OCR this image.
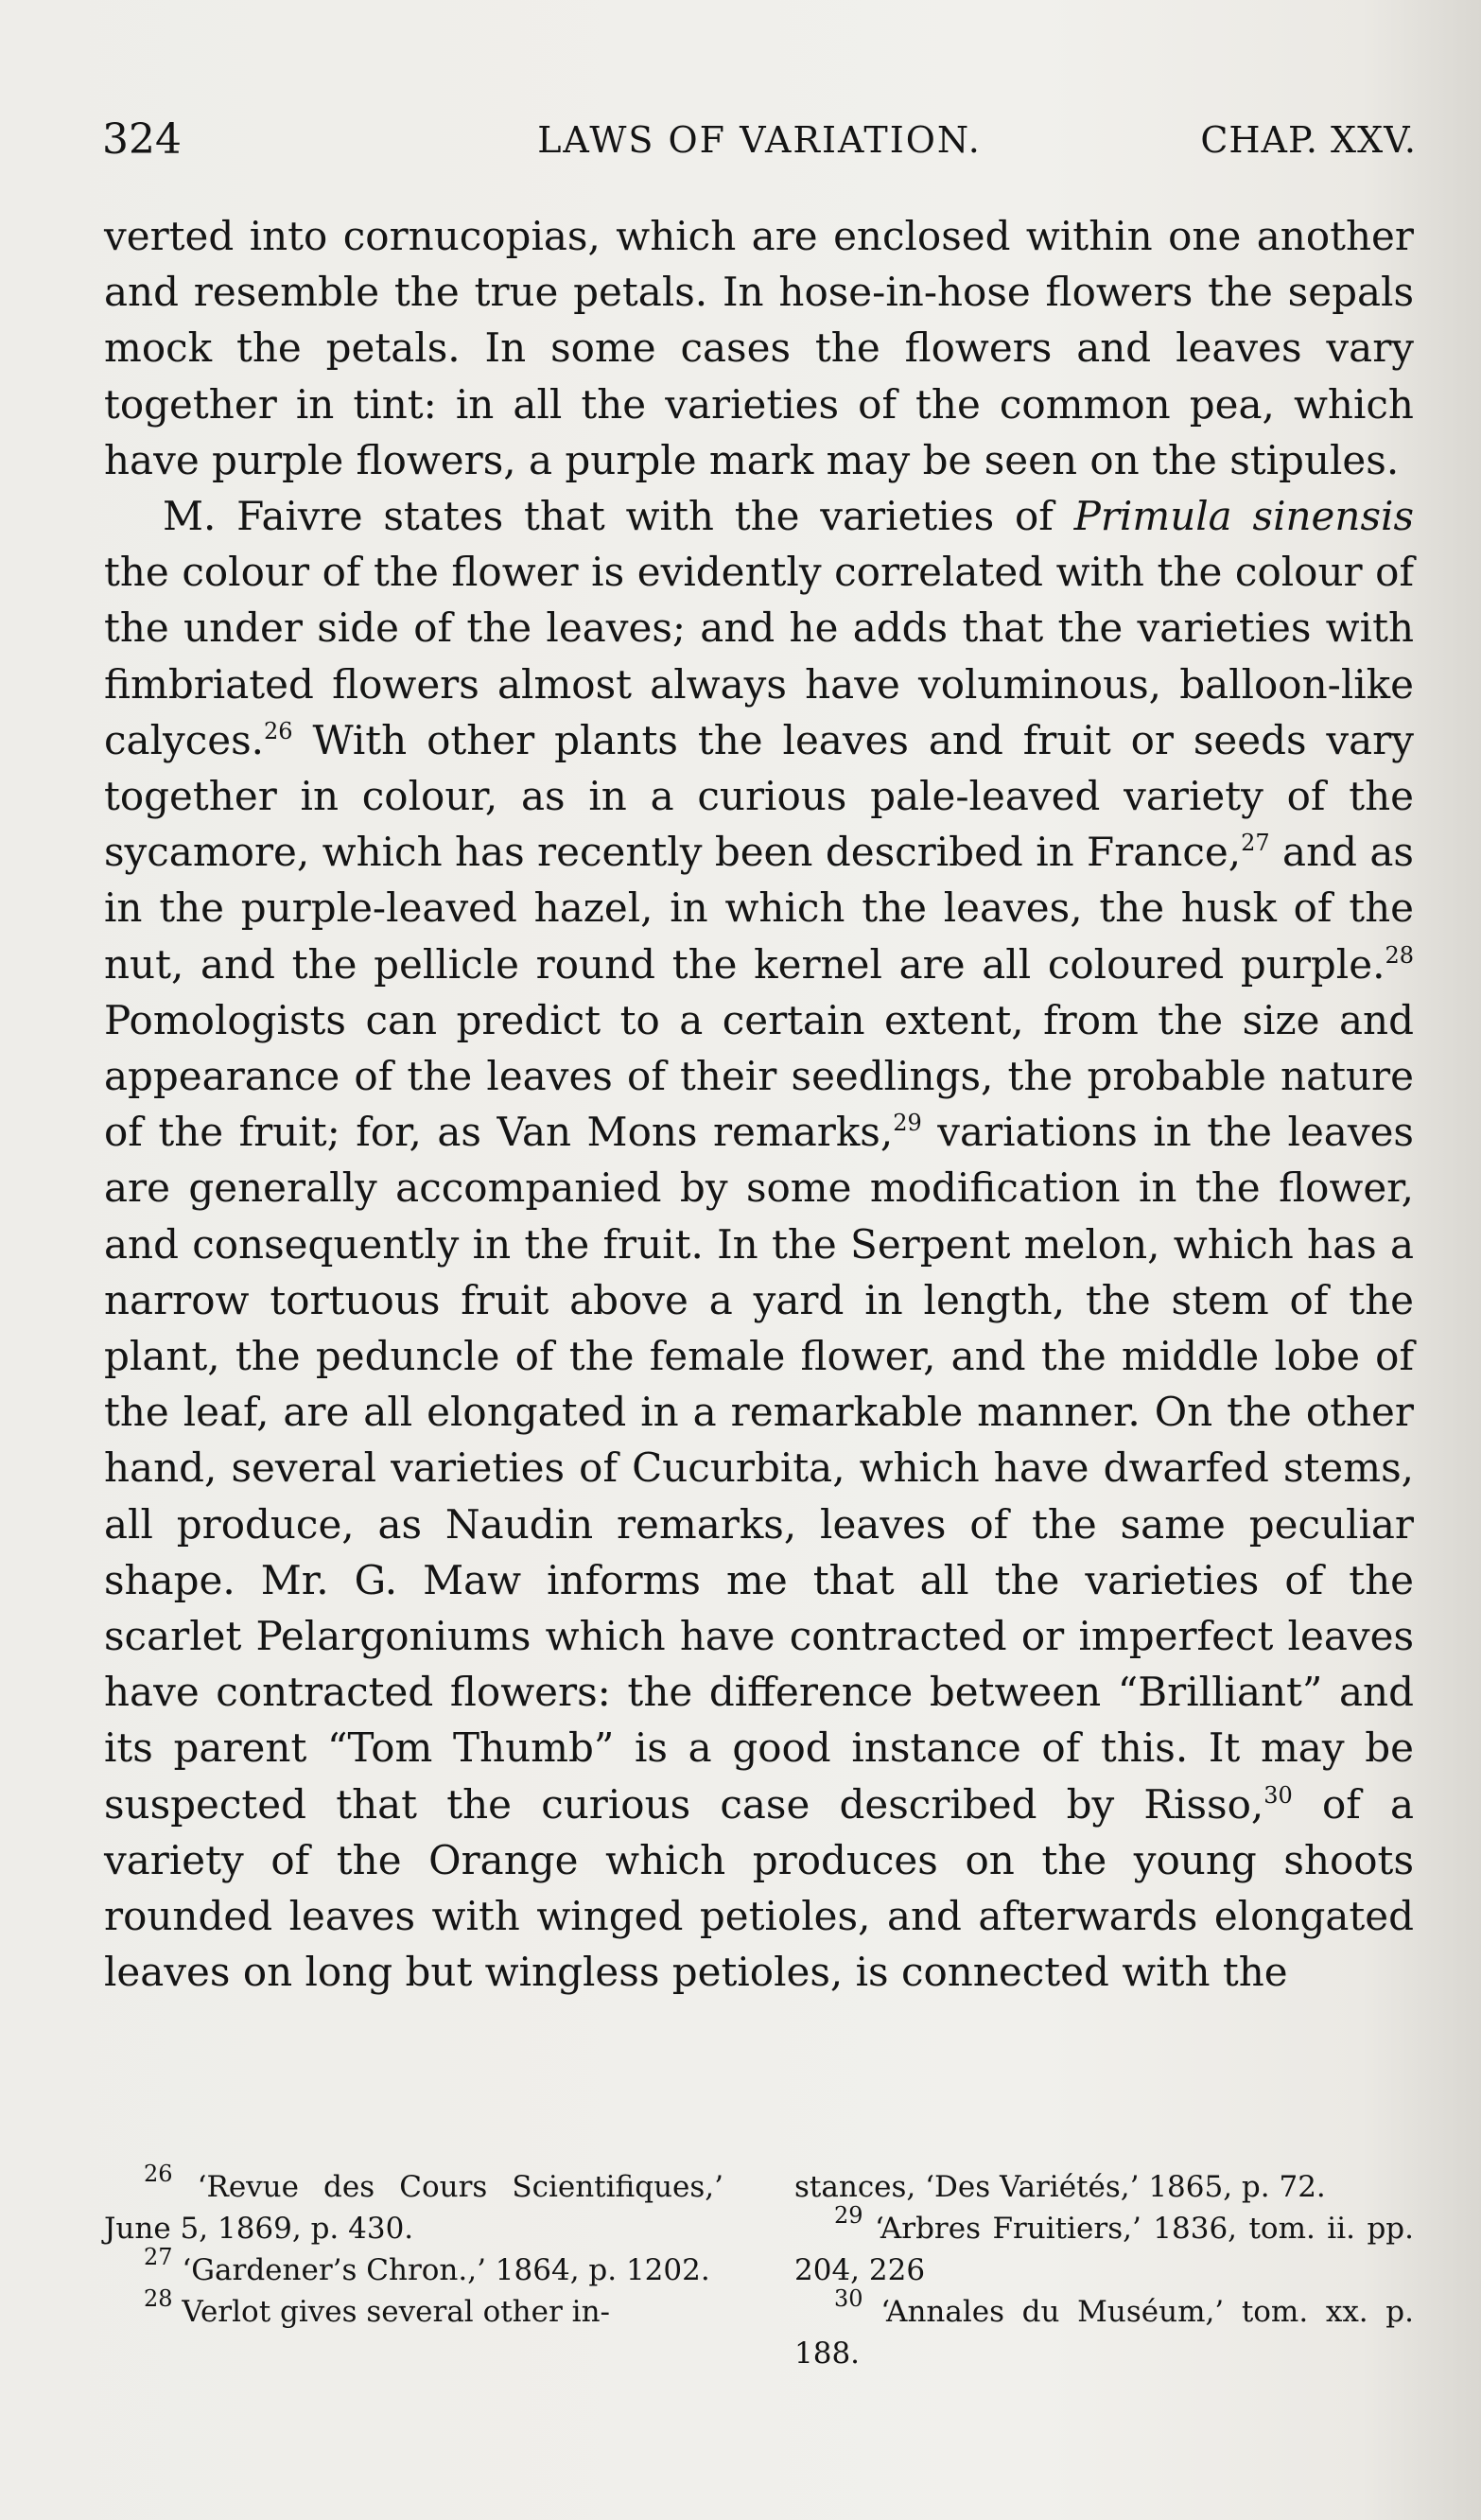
324	LAWS OF VARIATION.	CHAP. XXV.

verted into cornucopias, which are enclosed within one another and resemble the true petals. In hose-in-hose flowers the sepals mock the petals. In some cases the flowers and leaves vary together in tint: in all the varieties of the common pea, which have purple flowers, a purple mark may be seen on the stipules.

M. Faivre states that with the varieties of Primula sinensis the colour of the flower is evidently correlated with the colour of the under side of the leaves; and he adds that the varieties with fimbriated flowers almost always have voluminous, balloon-like calyces.$^{26}$ With other plants the leaves and fruit or seeds vary together in colour, as in a curious pale-leaved variety of the sycamore, which has recently been described in France,$^{27}$ and as in the purple-leaved hazel, in which the leaves, the husk of the nut, and the pellicle round the kernel are all coloured purple.$^{28}$ Pomologists can predict to a certain extent, from the size and appearance of the leaves of their seedlings, the probable nature of the fruit; for, as Van Mons remarks,$^{29}$ variations in the leaves are generally accompanied by some modification in the flower, and consequently in the fruit. In the Serpent melon, which has a narrow tortuous fruit above a yard in length, the stem of the plant, the peduncle of the female flower, and the middle lobe of the leaf, are all elongated in a remarkable manner. On the other hand, several varieties of Cucurbita, which have dwarfed stems, all produce, as Naudin remarks, leaves of the same peculiar shape. Mr. G. Maw informs me that all the varieties of the scarlet Pelargoniums which have contracted or imperfect leaves have contracted flowers: the difference between “Brilliant” and its parent “Tom Thumb” is a good instance of this. It may be suspected that the curious case described by Risso,$^{30}$ of a variety of the Orange which produces on the young shoots rounded leaves with winged petioles, and afterwards elongated leaves on long but wingless petioles, is connected with the

$^{26}$ ‘Revue des Cours Scientifiques,’ June 5, 1869, p. 430.

$^{27}$ ‘Gardener’s Chron.,’ 1864, p. 1202.

$^{28}$ Verlot gives several other in-

stances, ‘Des Variétés,’ 1865, p. 72.

$^{29}$ ‘Arbres Fruitiers,’ 1836, tom. ii. pp. 204, 226

$^{30}$ ‘Annales du Muséum,’ tom. xx. p. 188.
